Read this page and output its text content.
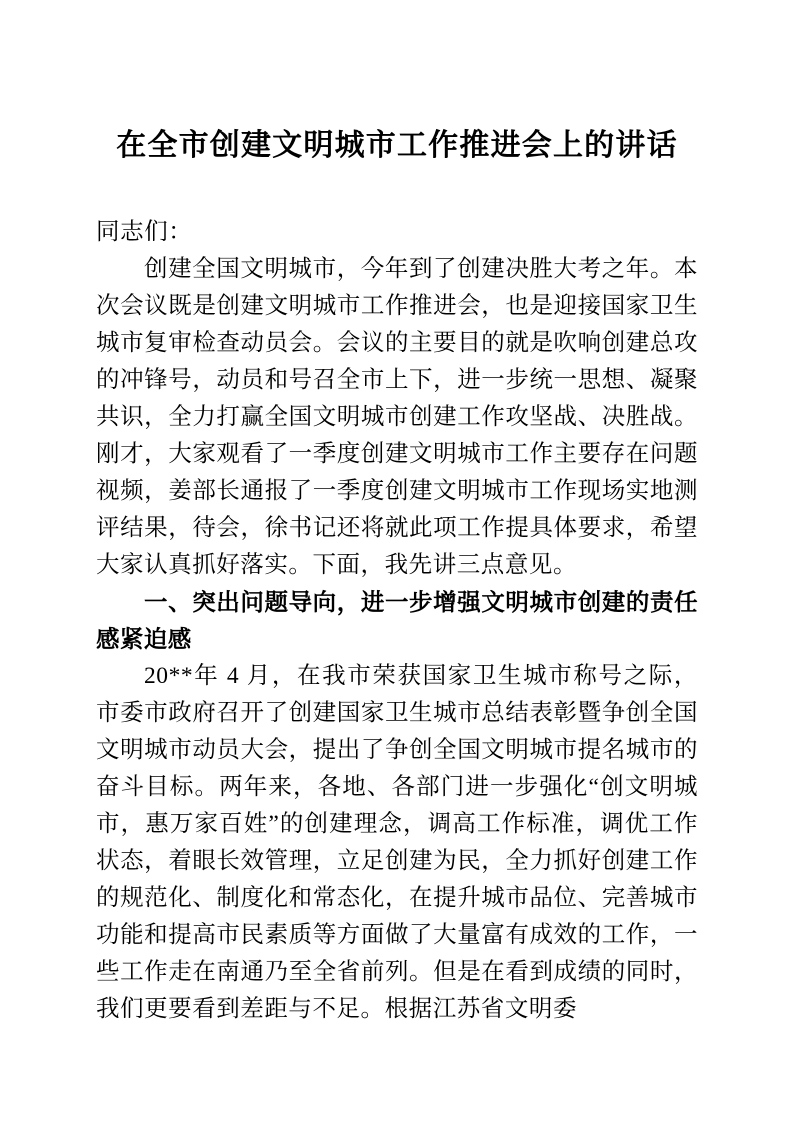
在全市创建文明城市工作推进会上的讲话

同志们：

创建全国文明城市，今年到了创建决胜大考之年。本次会议既是创建文明城市工作推进会，也是迎接国家卫生城市复审检查动员会。会议的主要目的就是吹响创建总攻的冲锋号，动员和号召全市上下，进一步统一思想、凝聚共识，全力打赢全国文明城市创建工作攻坚战、决胜战。刚才，大家观看了一季度创建文明城市工作主要存在问题视频，姜部长通报了一季度创建文明城市工作现场实地测评结果，待会，徐书记还将就此项工作提具体要求，希望大家认真抓好落实。下面，我先讲三点意见。

一、突出问题导向，进一步增强文明城市创建的责任感紧迫感

20**年 4 月，在我市荣获国家卫生城市称号之际，市委市政府召开了创建国家卫生城市总结表彰暨争创全国文明城市动员大会，提出了争创全国文明城市提名城市的奋斗目标。两年来，各地、各部门进一步强化“创文明城市，惠万家百姓”的创建理念，调高工作标准，调优工作状态，着眼长效管理，立足创建为民，全力抓好创建工作的规范化、制度化和常态化，在提升城市品位、完善城市功能和提高市民素质等方面做了大量富有成效的工作，一些工作走在南通乃至全省前列。但是在看到成绩的同时，我们更要看到差距与不足。根据江苏省文明委
